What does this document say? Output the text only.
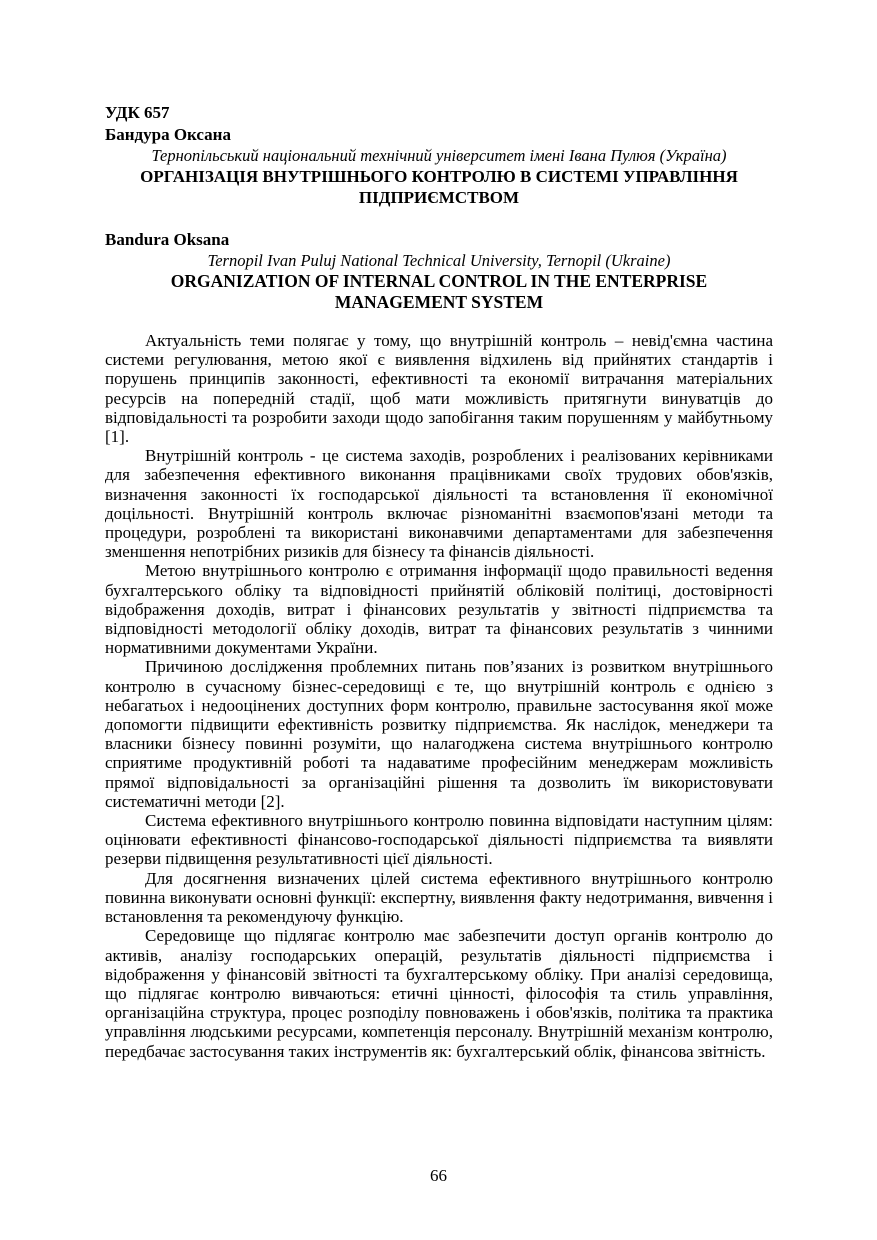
УДК 657

Бандура Оксана

Тернопільський національний технічний університет імені Івана Пулюя (Україна)

ОРГАНІЗАЦІЯ ВНУТРІШНЬОГО КОНТРОЛЮ В СИСТЕМІ УПРАВЛІННЯ

ПІДПРИЄМСТВОМ

Bandura Oksana

Ternopil Ivan Puluj National Technical University, Ternopil (Ukraine)

ORGANIZATION OF INTERNAL CONTROL IN THE ENTERPRISE

MANAGEMENT SYSTEM

Актуальність теми полягає у тому, що внутрішній контроль – невід'ємна частина системи регулювання, метою якої є виявлення відхилень від прийнятих стандартів і порушень принципів законності, ефективності та економії витрачання матеріальних ресурсів на попередній стадії, щоб мати можливість притягнути винуватців до відповідальності та розробити заходи щодо запобігання таким порушенням у майбутньому [1].

Внутрішній контроль - це система заходів, розроблених і реалізованих керівниками для забезпечення ефективного виконання працівниками своїх трудових обов'язків, визначення законності їх господарської діяльності та встановлення її економічної доцільності. Внутрішній контроль включає різноманітні взаємопов'язані методи та процедури, розроблені та використані виконавчими департаментами для забезпечення зменшення непотрібних ризиків для бізнесу та фінансів діяльності.

Метою внутрішнього контролю є отримання інформації щодо правильності ведення бухгалтерського обліку та відповідності прийнятій обліковій політиці, достовірності відображення доходів, витрат і фінансових результатів у звітності підприємства та відповідності методології обліку доходів, витрат та фінансових результатів з чинними нормативними документами України.

Причиною дослідження проблемних питань пов’язаних із розвитком внутрішнього контролю в сучасному бізнес-середовищі є те, що внутрішній контроль є однією з небагатьох і недооцінених доступних форм контролю, правильне застосування якої може допомогти підвищити ефективність розвитку підприємства. Як наслідок, менеджери та власники бізнесу повинні розуміти, що налагоджена система внутрішнього контролю сприятиме продуктивній роботі та надаватиме професійним менеджерам можливість прямої відповідальності за організаційні рішення та дозволить їм використовувати систематичні методи [2].

Система ефективного внутрішнього контролю повинна відповідати наступним цілям: оцінювати ефективності фінансово-господарської діяльності підприємства та виявляти резерви підвищення результативності цієї діяльності.

Для досягнення визначених цілей система ефективного внутрішнього контролю повинна виконувати основні функції: експертну, виявлення факту недотримання, вивчення і встановлення та рекомендуючу функцію.

Середовище що підлягає контролю має забезпечити доступ органів контролю до активів, аналізу господарських операцій, результатів діяльності підприємства і відображення у фінансовій звітності та бухгалтерському обліку. При аналізі середовища, що підлягає контролю вивчаються: етичні цінності, філософія та стиль управління, організаційна структура, процес розподілу повноважень і обов'язків, політика та практика управління людськими ресурсами, компетенція персоналу. Внутрішній механізм контролю, передбачає застосування таких інструментів як: бухгалтерський облік, фінансова звітність.

66
